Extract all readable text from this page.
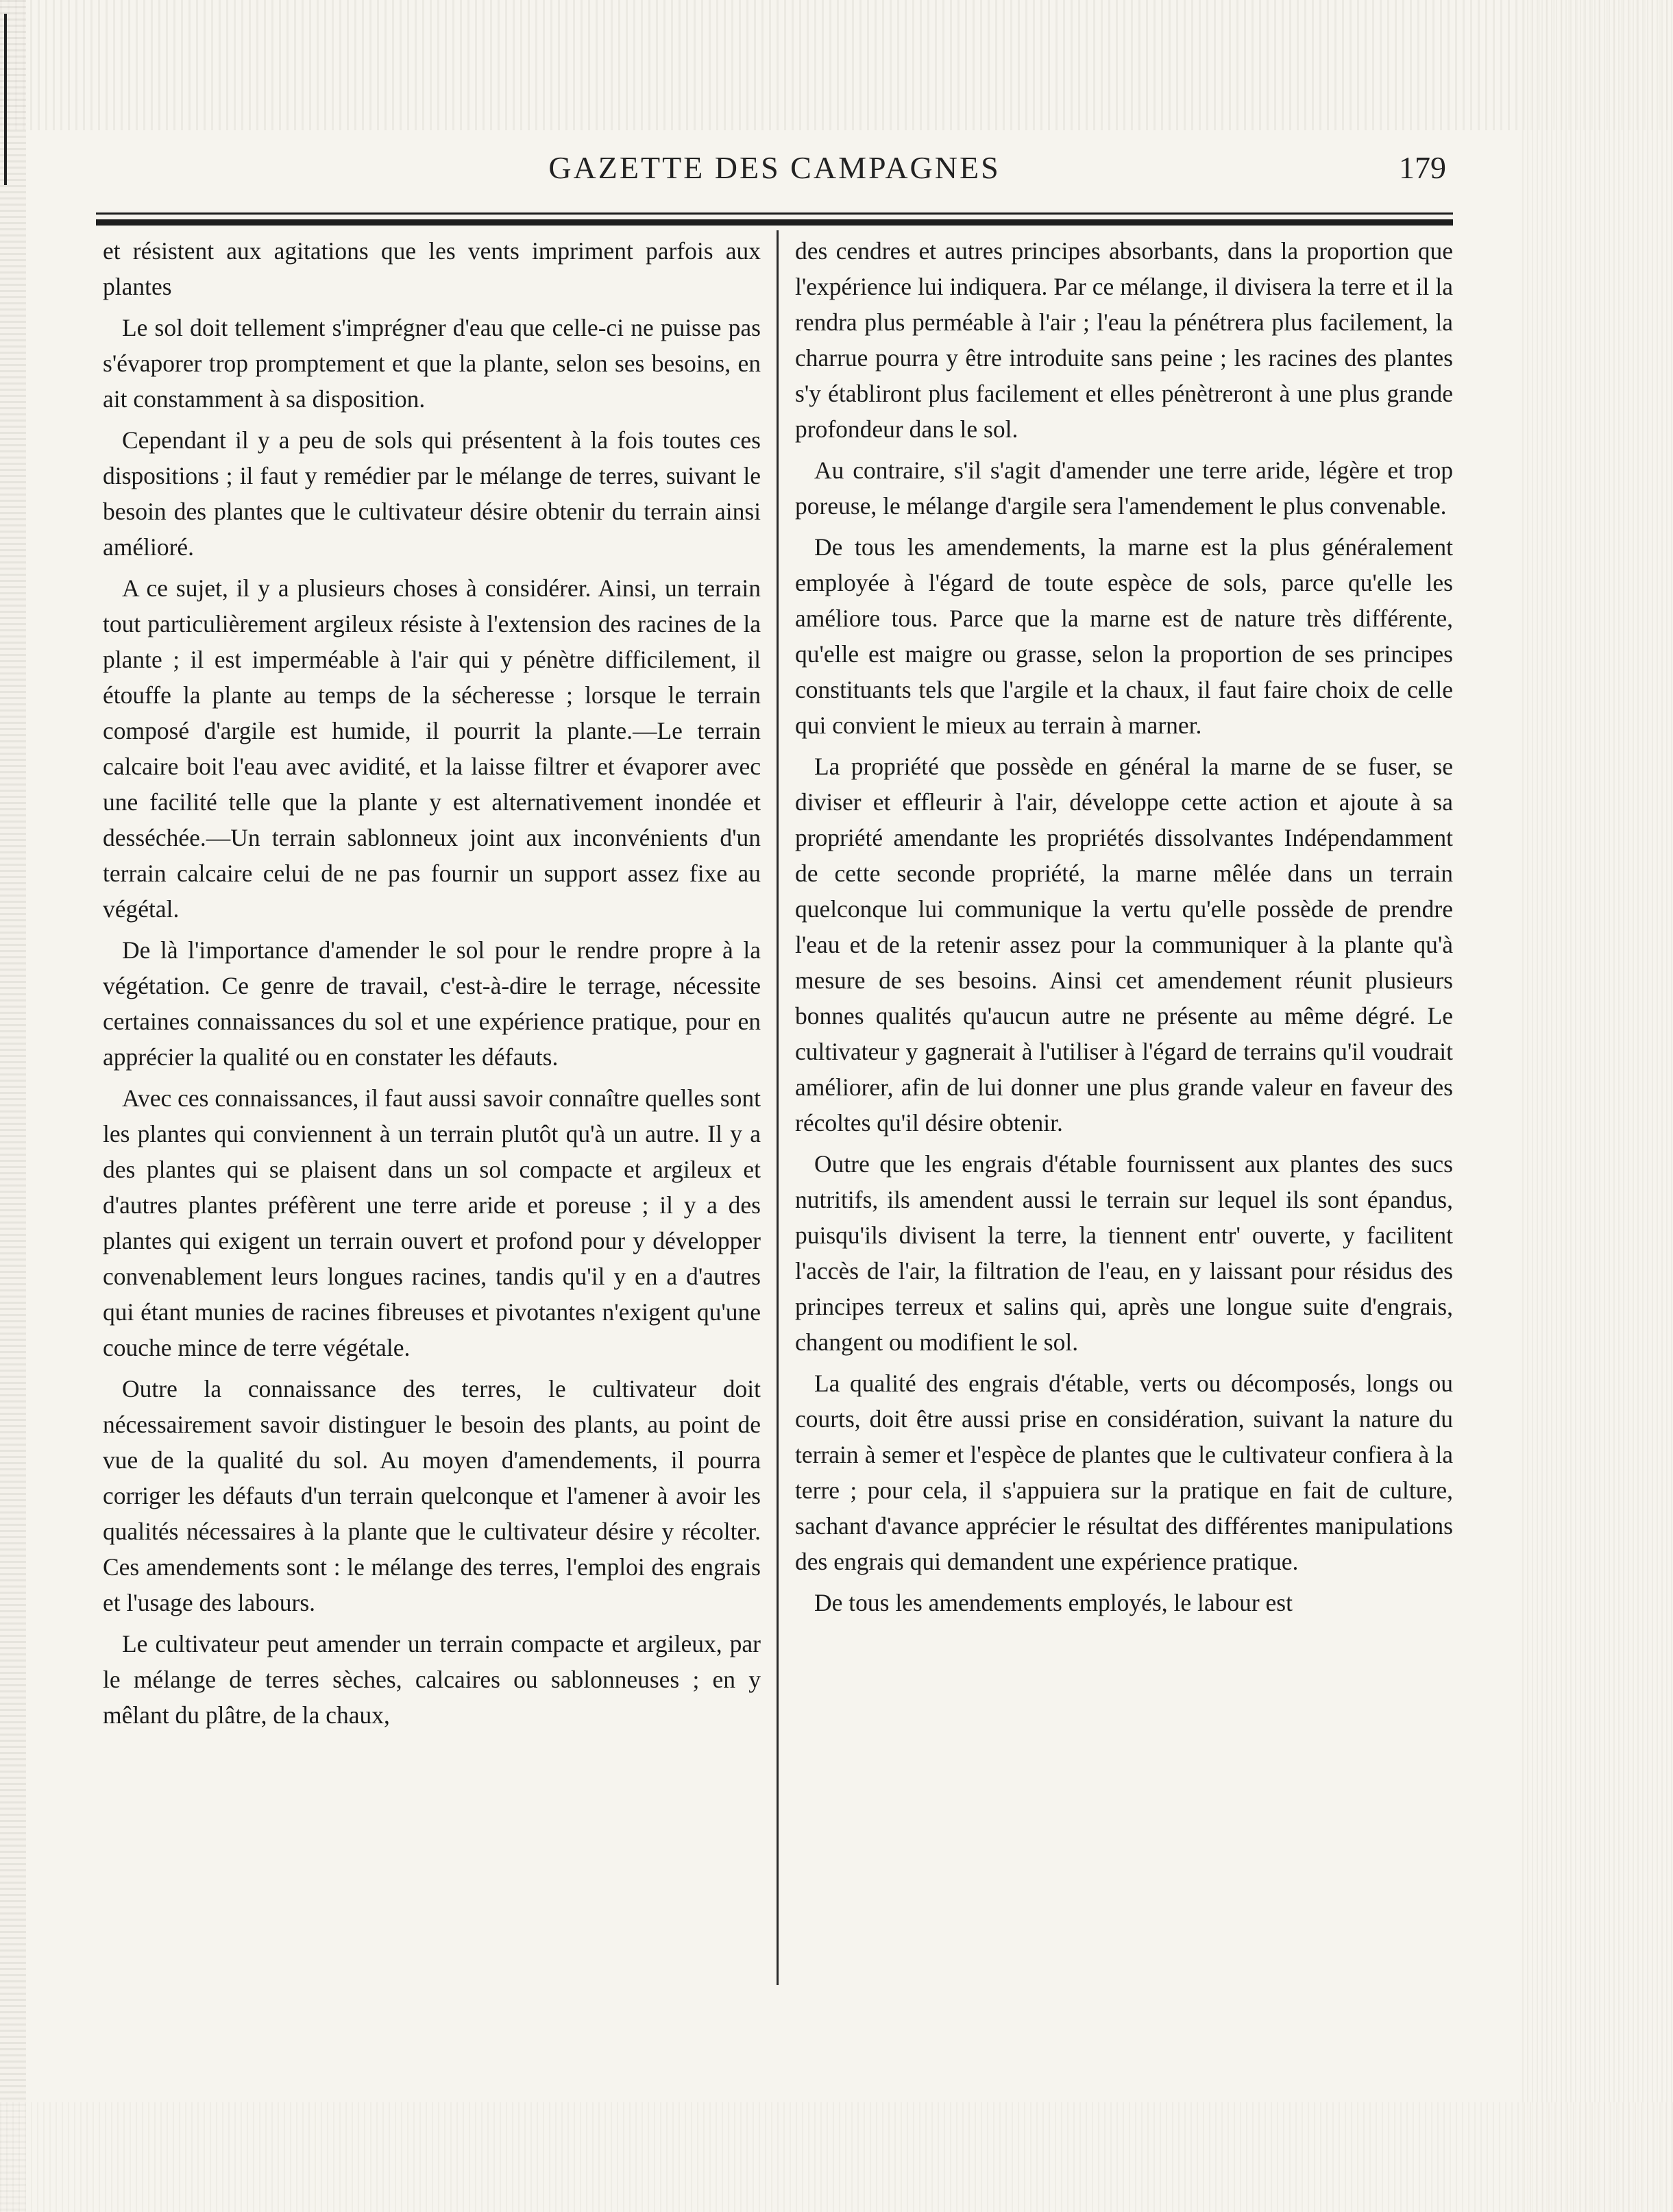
GAZETTE DES CAMPAGNES	179

et résistent aux agitations que les vents impriment parfois aux plantes

Le sol doit tellement s'imprégner d'eau que celle-ci ne puisse pas s'évaporer trop promptement et que la plante, selon ses besoins, en ait constamment à sa disposition.

Cependant il y a peu de sols qui présentent à la fois toutes ces dispositions ; il faut y remédier par le mélange de terres, suivant le besoin des plantes que le cultivateur désire obtenir du terrain ainsi amélioré.

A ce sujet, il y a plusieurs choses à considérer. Ainsi, un terrain tout particulièrement argileux résiste à l'extension des racines de la plante ; il est imperméable à l'air qui y pénètre difficilement, il étouffe la plante au temps de la sécheresse ; lorsque le terrain composé d'argile est humide, il pourrit la plante.—Le terrain calcaire boit l'eau avec avidité, et la laisse filtrer et évaporer avec une facilité telle que la plante y est alternativement inondée et desséchée.—Un terrain sablonneux joint aux inconvénients d'un terrain calcaire celui de ne pas fournir un support assez fixe au végétal.

De là l'importance d'amender le sol pour le rendre propre à la végétation. Ce genre de travail, c'est-à-dire le terrage, nécessite certaines connaissances du sol et une expérience pratique, pour en apprécier la qualité ou en constater les défauts.

Avec ces connaissances, il faut aussi savoir connaître quelles sont les plantes qui conviennent à un terrain plutôt qu'à un autre. Il y a des plantes qui se plaisent dans un sol compacte et argileux et d'autres plantes préfèrent une terre aride et poreuse ; il y a des plantes qui exigent un terrain ouvert et profond pour y développer convenablement leurs longues racines, tandis qu'il y en a d'autres qui étant munies de racines fibreuses et pivotantes n'exigent qu'une couche mince de terre végétale.

Outre la connaissance des terres, le cultivateur doit nécessairement savoir distinguer le besoin des plants, au point de vue de la qualité du sol. Au moyen d'amendements, il pourra corriger les défauts d'un terrain quelconque et l'amener à avoir les qualités nécessaires à la plante que le cultivateur désire y récolter. Ces amendements sont : le mélange des terres, l'emploi des engrais et l'usage des labours.

Le cultivateur peut amender un terrain compacte et argileux, par le mélange de terres sèches, calcaires ou sablonneuses ; en y mêlant du plâtre, de la chaux,

des cendres et autres principes absorbants, dans la proportion que l'expérience lui indiquera. Par ce mélange, il divisera la terre et il la rendra plus perméable à l'air ; l'eau la pénétrera plus facilement, la charrue pourra y être introduite sans peine ; les racines des plantes s'y établiront plus facilement et elles pénètreront à une plus grande profondeur dans le sol.

Au contraire, s'il s'agit d'amender une terre aride, légère et trop poreuse, le mélange d'argile sera l'amendement le plus convenable.

De tous les amendements, la marne est la plus généralement employée à l'égard de toute espèce de sols, parce qu'elle les améliore tous. Parce que la marne est de nature très différente, qu'elle est maigre ou grasse, selon la proportion de ses principes constituants tels que l'argile et la chaux, il faut faire choix de celle qui convient le mieux au terrain à marner.

La propriété que possède en général la marne de se fuser, se diviser et effleurir à l'air, développe cette action et ajoute à sa propriété amendante les propriétés dissolvantes Indépendamment de cette seconde propriété, la marne mêlée dans un terrain quelconque lui communique la vertu qu'elle possède de prendre l'eau et de la retenir assez pour la communiquer à la plante qu'à mesure de ses besoins. Ainsi cet amendement réunit plusieurs bonnes qualités qu'aucun autre ne présente au même dégré. Le cultivateur y gagnerait à l'utiliser à l'égard de terrains qu'il voudrait améliorer, afin de lui donner une plus grande valeur en faveur des récoltes qu'il désire obtenir.

Outre que les engrais d'étable fournissent aux plantes des sucs nutritifs, ils amendent aussi le terrain sur lequel ils sont épandus, puisqu'ils divisent la terre, la tiennent entr' ouverte, y facilitent l'accès de l'air, la filtration de l'eau, en y laissant pour résidus des principes terreux et salins qui, après une longue suite d'engrais, changent ou modifient le sol.

La qualité des engrais d'étable, verts ou décomposés, longs ou courts, doit être aussi prise en considération, suivant la nature du terrain à semer et l'espèce de plantes que le cultivateur confiera à la terre ; pour cela, il s'appuiera sur la pratique en fait de culture, sachant d'avance apprécier le résultat des différentes manipulations des engrais qui demandent une expérience pratique.

De tous les amendements employés, le labour est
